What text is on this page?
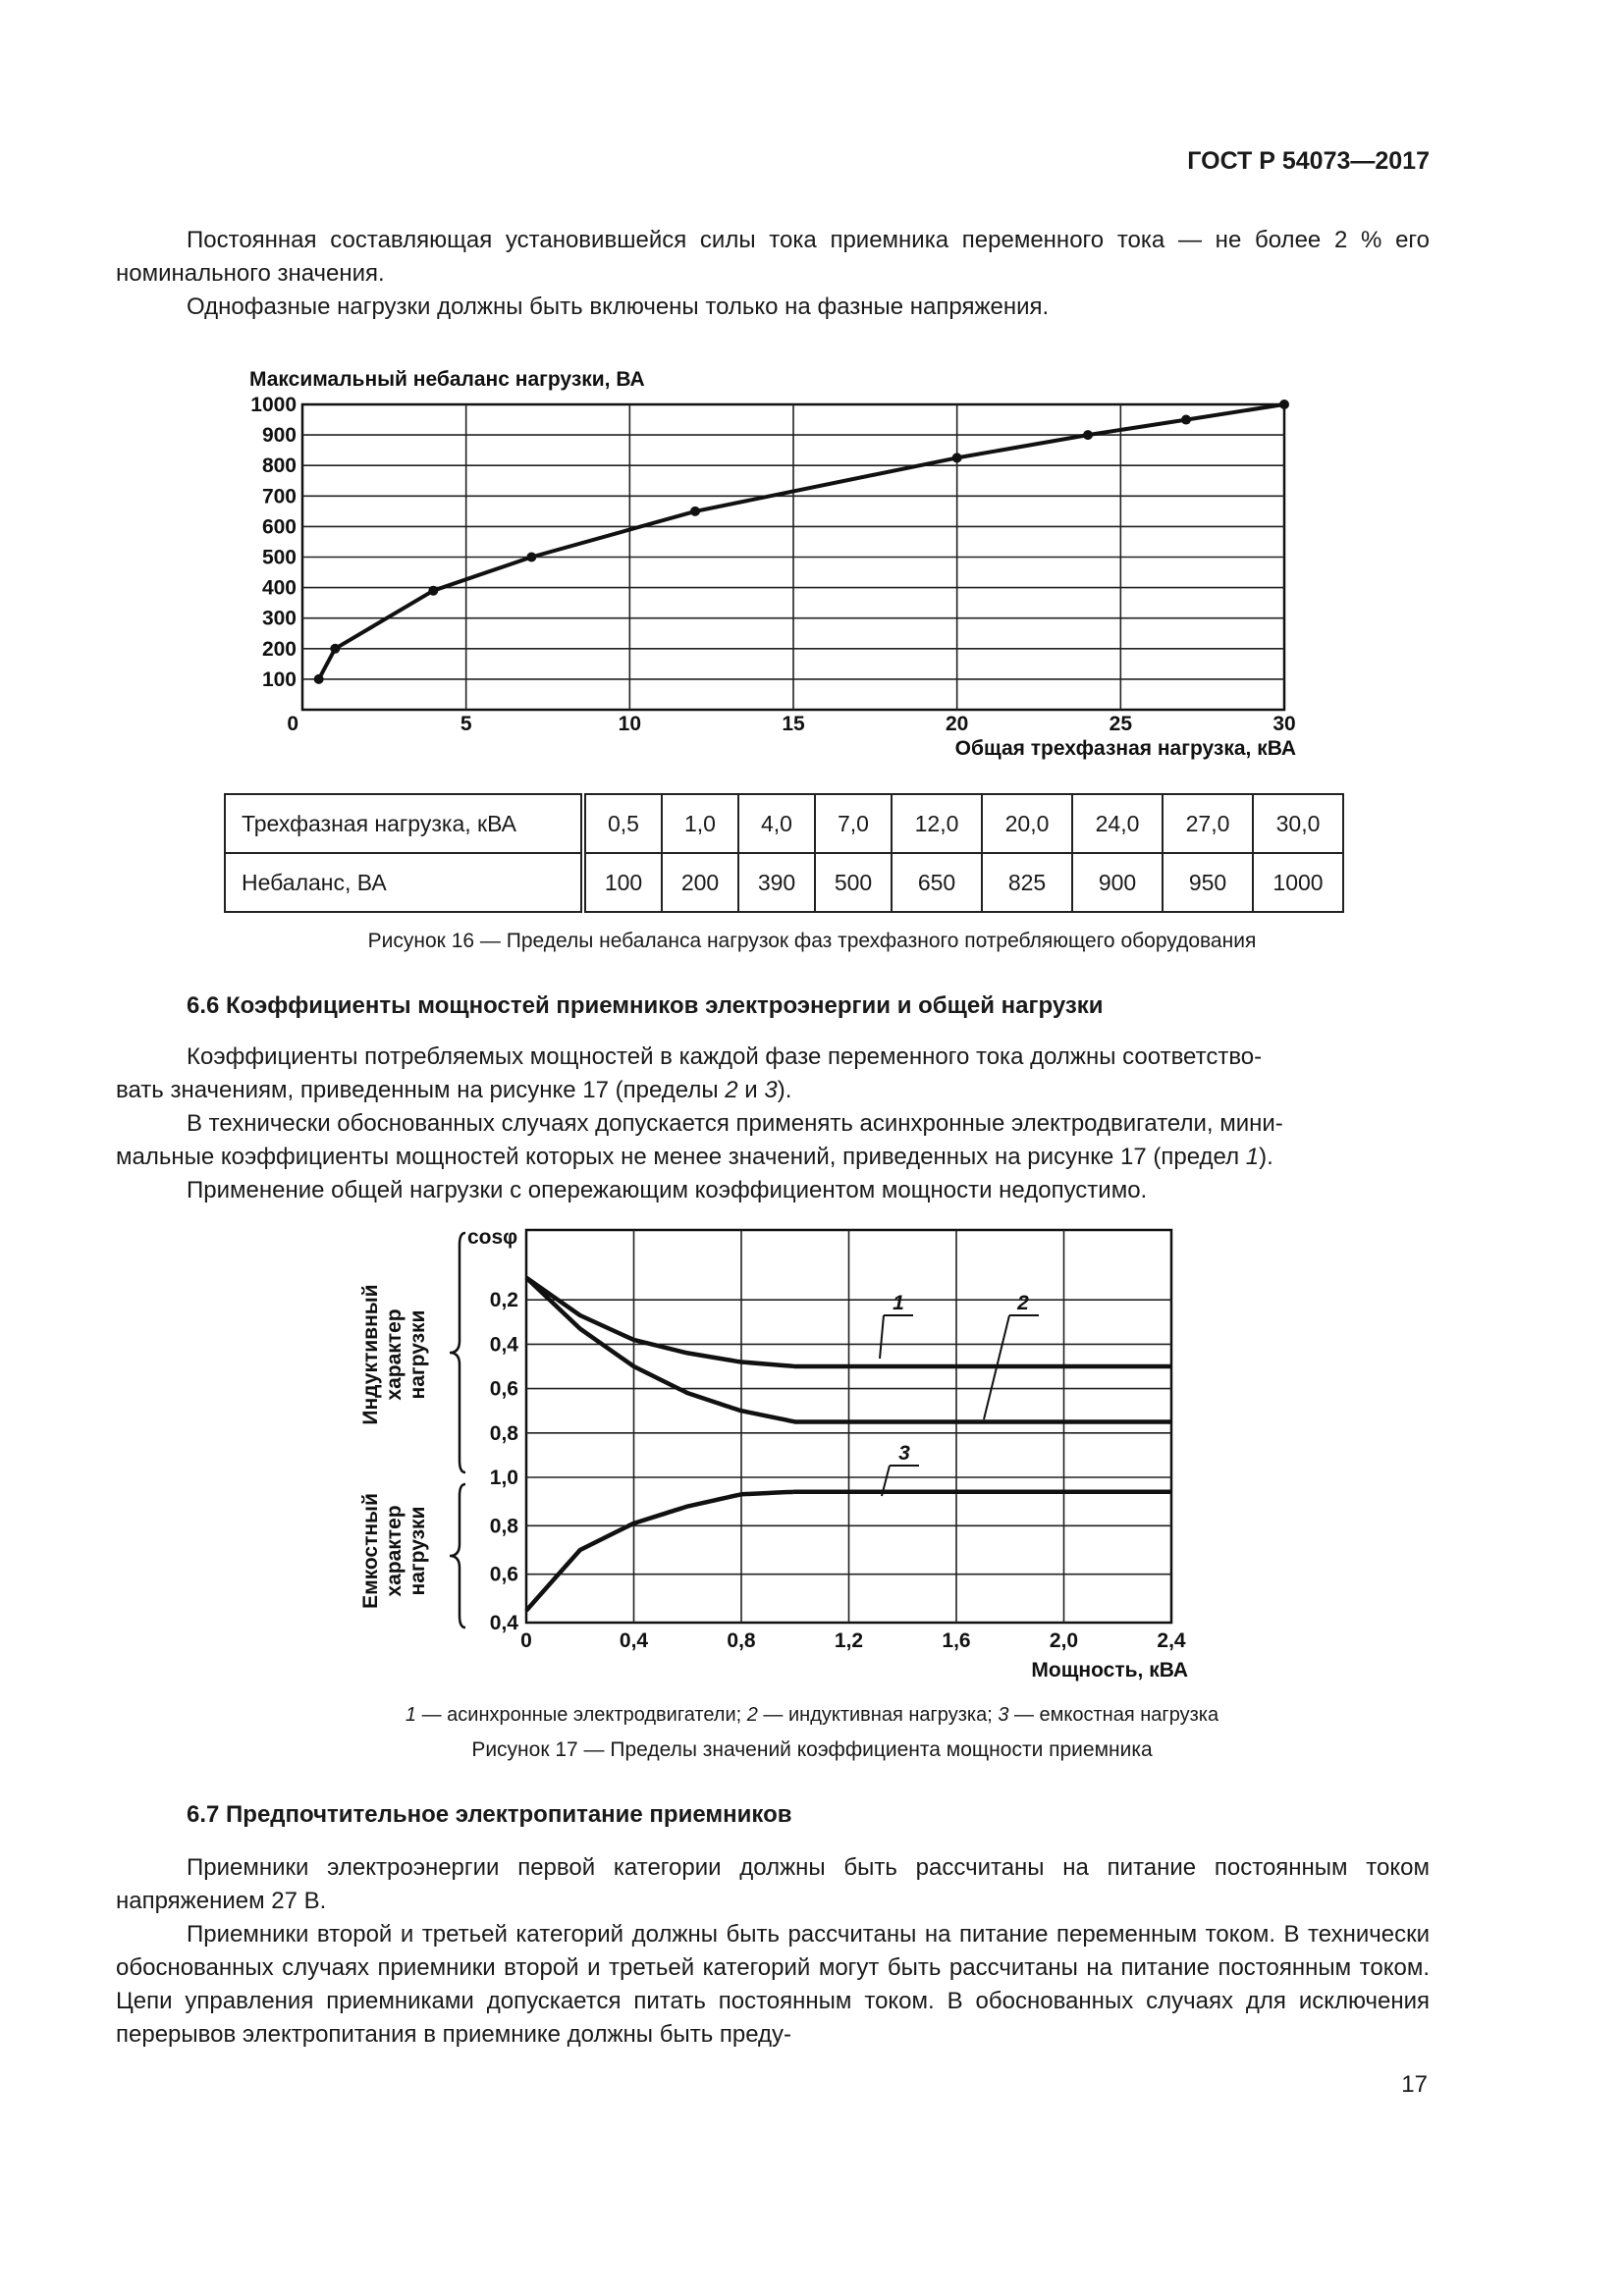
ГОСТ Р 54073—2017
Постоянная составляющая установившейся силы тока приемника переменного тока — не более 2 % его номинального значения.
Однофазные нагрузки должны быть включены только на фазные напряжения.
Максимальный небаланс нагрузки, ВА
100
200
300
400
500
600
700
800
900
1000
0	5	10	15	20	25	30
Общая трехфазная нагрузка, кВА
Трехфазная нагрузка, кВА	0,5	1,0	4,0	7,0	12,0	20,0	24,0	27,0	30,0
Небаланс, ВА	100	200	390	500	650	825	900	950	1000
Рисунок 16 — Пределы небаланса нагрузок фаз трехфазного потребляющего оборудования
6.6 Коэффициенты мощностей приемников электроэнергии и общей нагрузки
Коэффициенты потребляемых мощностей в каждой фазе переменного тока должны соответство-
вать значениям, приведенным на рисунке 17 (пределы 2 и 3).
В технически обоснованных случаях допускается применять асинхронные электродвигатели, мини-
мальные коэффициенты мощностей которых не менее значений, приведенных на рисунке 17 (предел 1).
Применение общей нагрузки с опережающим коэффициентом мощности недопустимо.
cosφ
0,2
0,4
0,6
0,8
1,0
0,8
0,6
0,4
0	0,4	0,8	1,2	1,6	2,0	2,4
Мощность, кВА
Индуктивный характер нагрузки
Емкостный характер нагрузки
1	2
3
1 — асинхронные электродвигатели; 2 — индуктивная нагрузка; 3 — емкостная нагрузка
Рисунок 17 — Пределы значений коэффициента мощности приемника
6.7 Предпочтительное электропитание приемников
Приемники электроэнергии первой категории должны быть рассчитаны на питание постоянным током напряжением 27 В.
Приемники второй и третьей категорий должны быть рассчитаны на питание переменным током. В технически обоснованных случаях приемники второй и третьей категорий могут быть рассчитаны на питание постоянным током. Цепи управления приемниками допускается питать постоянным током. В обоснованных случаях для исключения перерывов электропитания в приемнике должны быть преду-
17
